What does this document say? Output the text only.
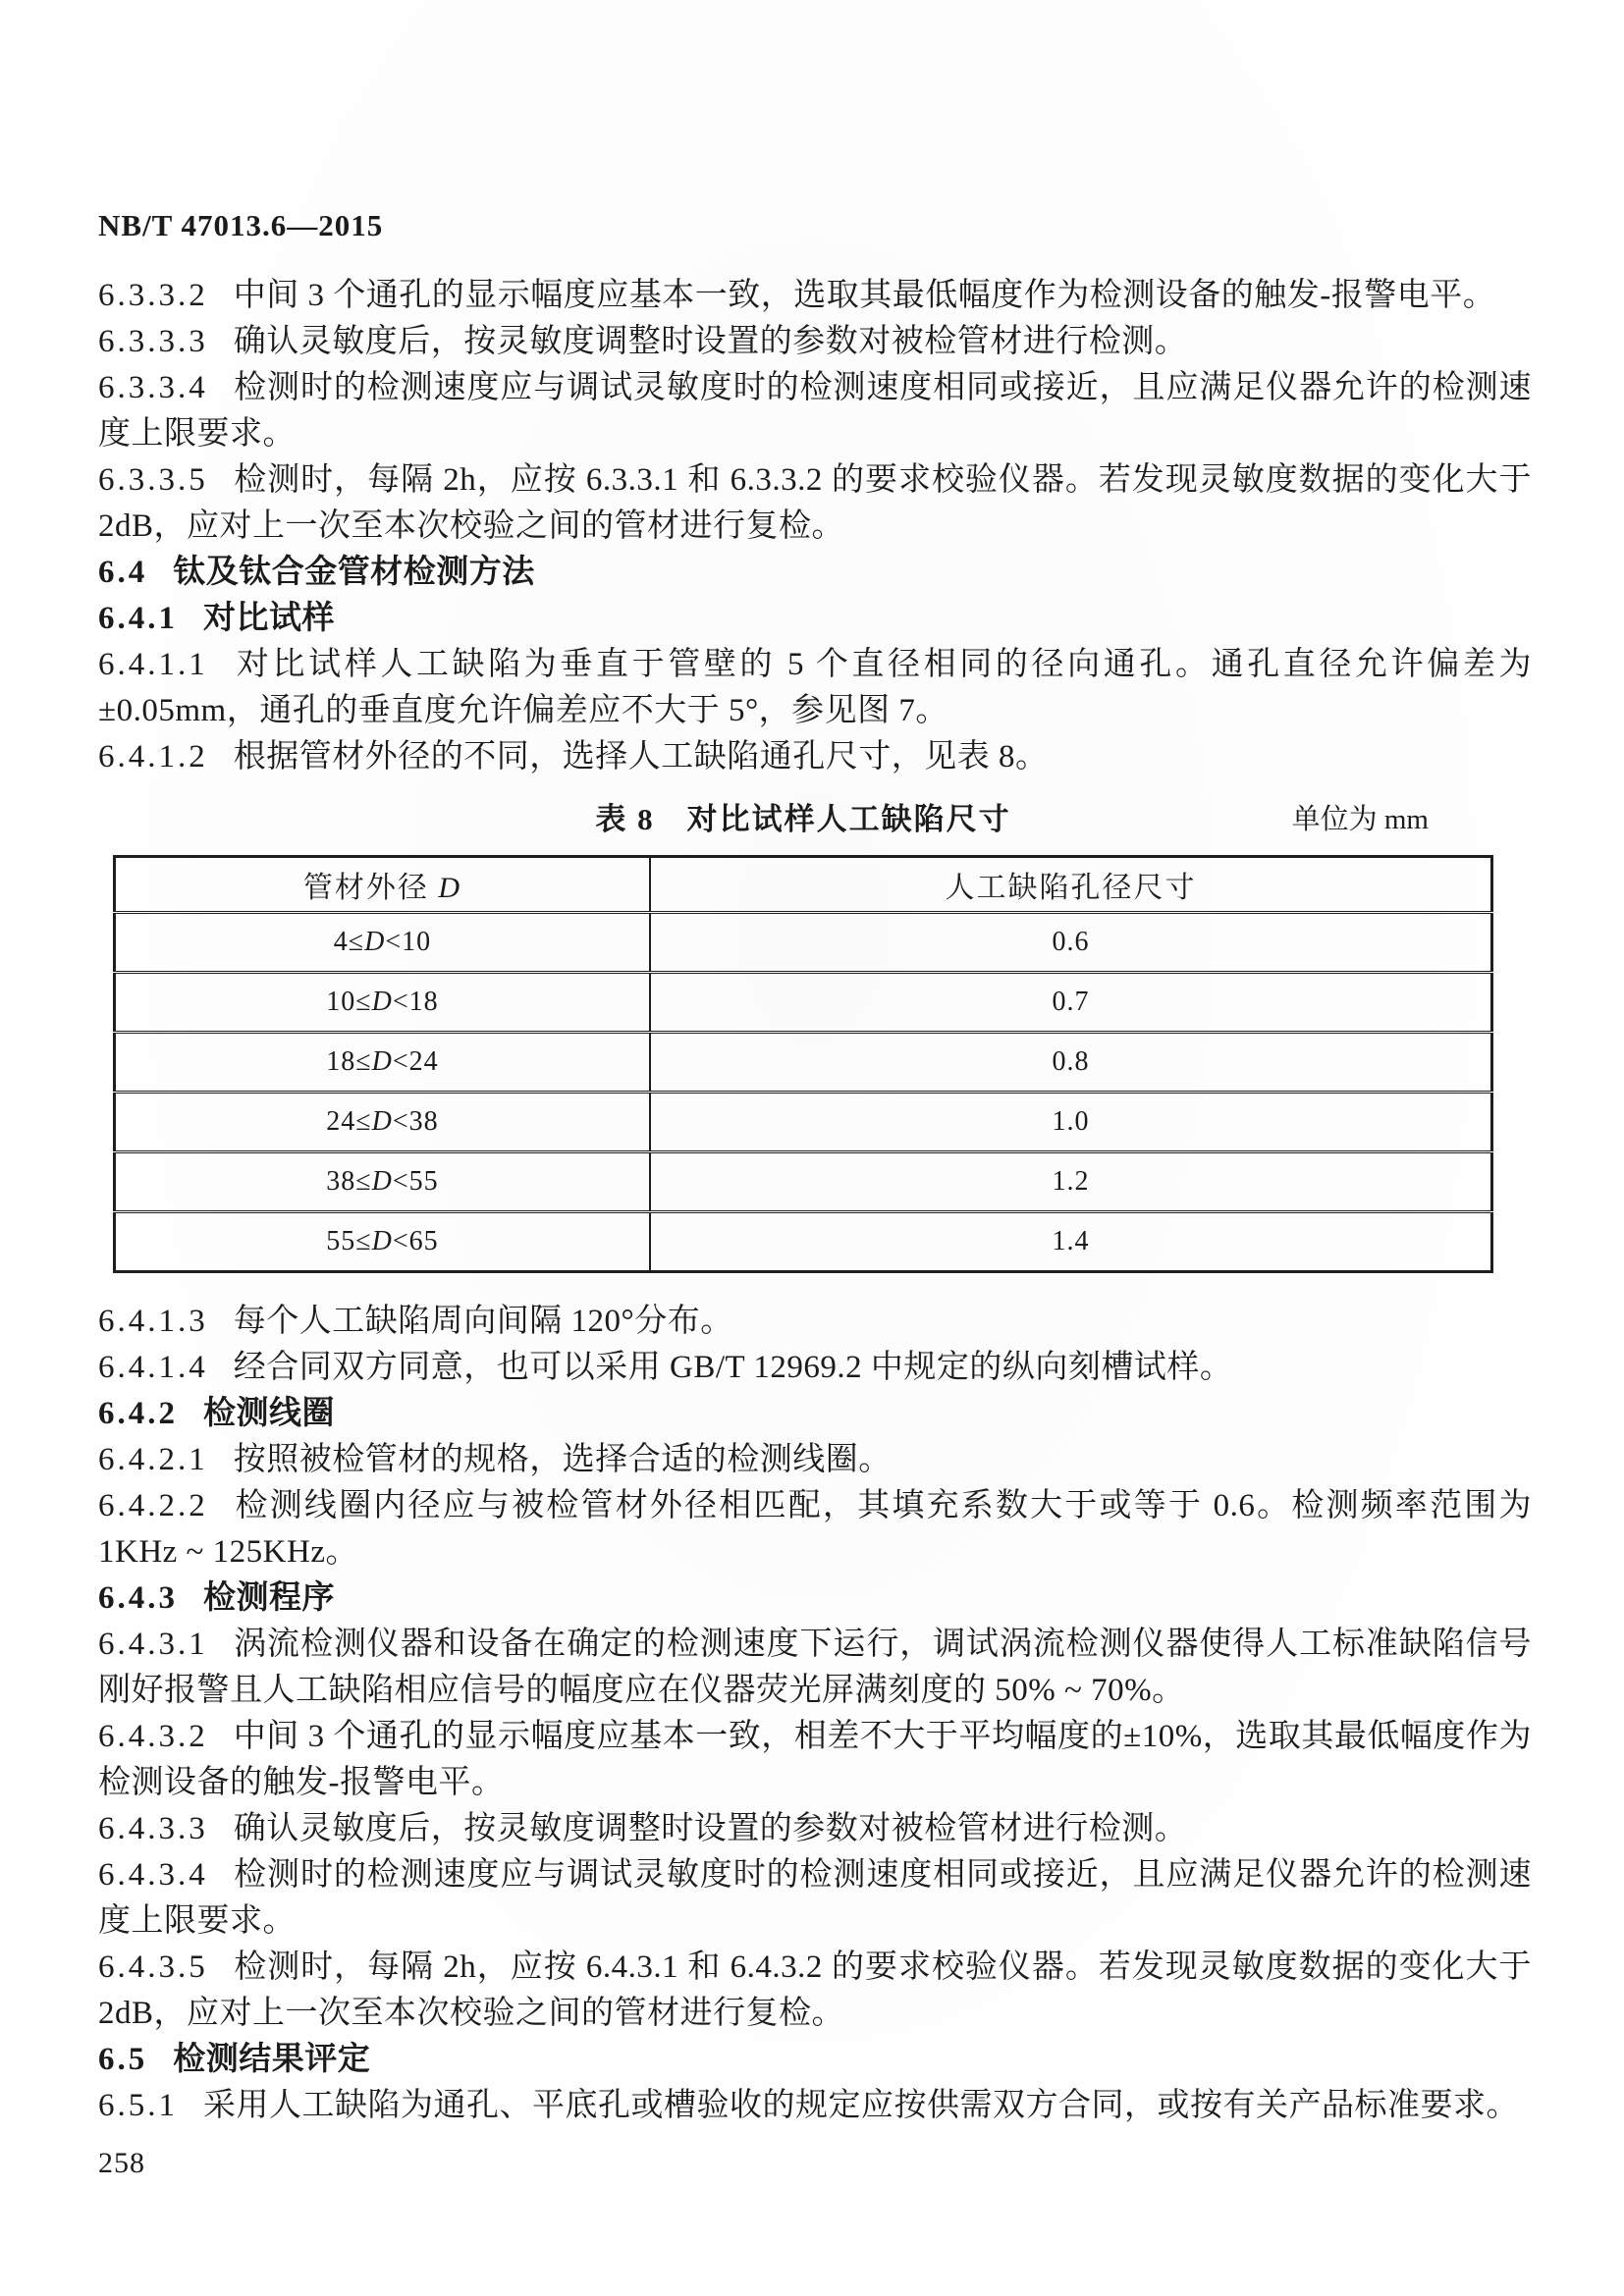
NB/T 47013.6—2015
6.3.3.2 中间 3 个通孔的显示幅度应基本一致，选取其最低幅度作为检测设备的触发-报警电平。
6.3.3.3 确认灵敏度后，按灵敏度调整时设置的参数对被检管材进行检测。
6.3.3.4 检测时的检测速度应与调试灵敏度时的检测速度相同或接近，且应满足仪器允许的检测速度上限要求。
6.3.3.5 检测时，每隔 2h，应按 6.3.3.1 和 6.3.3.2 的要求校验仪器。若发现灵敏度数据的变化大于 2dB，应对上一次至本次校验之间的管材进行复检。
6.4 钛及钛合金管材检测方法
6.4.1 对比试样
6.4.1.1 对比试样人工缺陷为垂直于管壁的 5 个直径相同的径向通孔。通孔直径允许偏差为±0.05mm，通孔的垂直度允许偏差应不大于 5°，参见图 7。
6.4.1.2 根据管材外径的不同，选择人工缺陷通孔尺寸，见表 8。
表 8　对比试样人工缺陷尺寸	单位为 mm
管材外径 D	人工缺陷孔径尺寸
4≤D<10	0.6
10≤D<18	0.7
18≤D<24	0.8
24≤D<38	1.0
38≤D<55	1.2
55≤D<65	1.4
6.4.1.3 每个人工缺陷周向间隔 120°分布。
6.4.1.4 经合同双方同意，也可以采用 GB/T 12969.2 中规定的纵向刻槽试样。
6.4.2 检测线圈
6.4.2.1 按照被检管材的规格，选择合适的检测线圈。
6.4.2.2 检测线圈内径应与被检管材外径相匹配，其填充系数大于或等于 0.6。检测频率范围为 1KHz ~ 125KHz。
6.4.3 检测程序
6.4.3.1 涡流检测仪器和设备在确定的检测速度下运行，调试涡流检测仪器使得人工标准缺陷信号刚好报警且人工缺陷相应信号的幅度应在仪器荧光屏满刻度的 50% ~ 70%。
6.4.3.2 中间 3 个通孔的显示幅度应基本一致，相差不大于平均幅度的±10%，选取其最低幅度作为检测设备的触发-报警电平。
6.4.3.3 确认灵敏度后，按灵敏度调整时设置的参数对被检管材进行检测。
6.4.3.4 检测时的检测速度应与调试灵敏度时的检测速度相同或接近，且应满足仪器允许的检测速度上限要求。
6.4.3.5 检测时，每隔 2h，应按 6.4.3.1 和 6.4.3.2 的要求校验仪器。若发现灵敏度数据的变化大于 2dB，应对上一次至本次校验之间的管材进行复检。
6.5 检测结果评定
6.5.1 采用人工缺陷为通孔、平底孔或槽验收的规定应按供需双方合同，或按有关产品标准要求。
258
